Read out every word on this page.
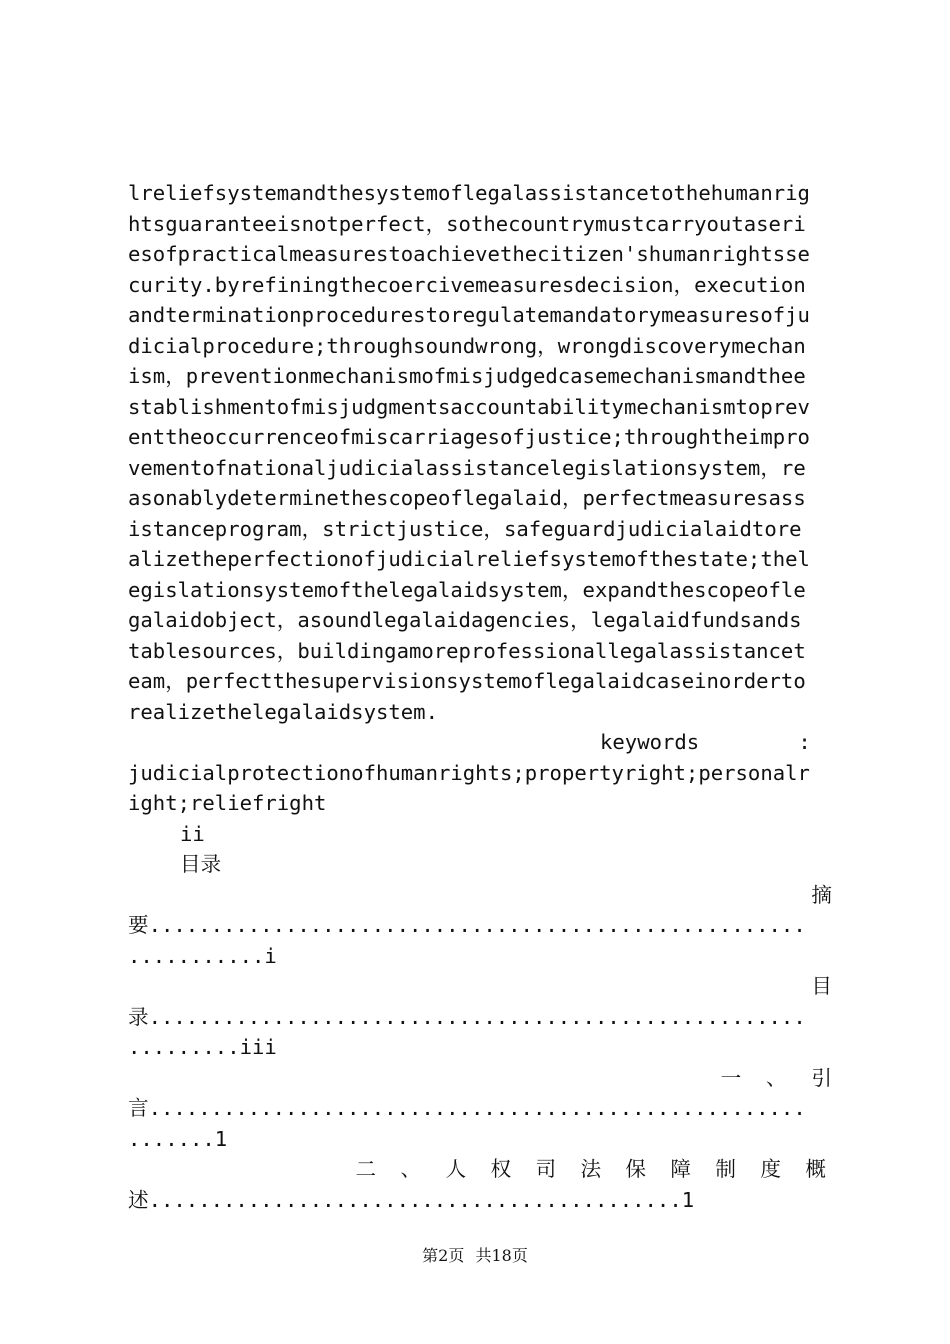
lreliefsystemandthesystemoflegalassistancetothehumanrig
htsguaranteeisnotperfect，sothecountrymustcarryoutaseri
esofpracticalmeasurestoachievethecitizen'shumanrightsse
curity.byrefiningthecoercivemeasuresdecision，execution
andterminationprocedurestoregulatemandatorymeasuresofju
dicialprocedure;throughsoundwrong，wrongdiscoverymechan
ism，preventionmechanismofmisjudgedcasemechanismandthee
stablishmentofmisjudgmentsaccountabilitymechanismtoprev
enttheoccurrenceofmiscarriagesofjustice;throughtheimpro
vementofnationaljudicialassistancelegislationsystem，re
asonablydeterminethescopeoflegalaid，perfectmeasuresass
istanceprogram，strictjustice，safeguardjudicialaidtore
alizetheperfectionofjudicialreliefsystemofthestate;thel
egislationsystemofthelegalaidsystem，expandthescopeofle
galaidobject，asoundlegalaidagencies，legalaidfundsands
tablesources，buildingamoreprofessionallegalassistancet
eam，perfectthesupervisionsystemoflegalaidcaseinorderto
realizethelegalaidsystem.
keywords        :
judicialprotectionofhumanrights;propertyright;personalr
ight;reliefright
ii
目录
摘
要.....................................................
...........i
目
录.....................................................
.........iii
一  、  引
言.....................................................
.......1
二 、 人 权 司 法 保 障 制 度 概
述...........................................1
第2页 共18页
